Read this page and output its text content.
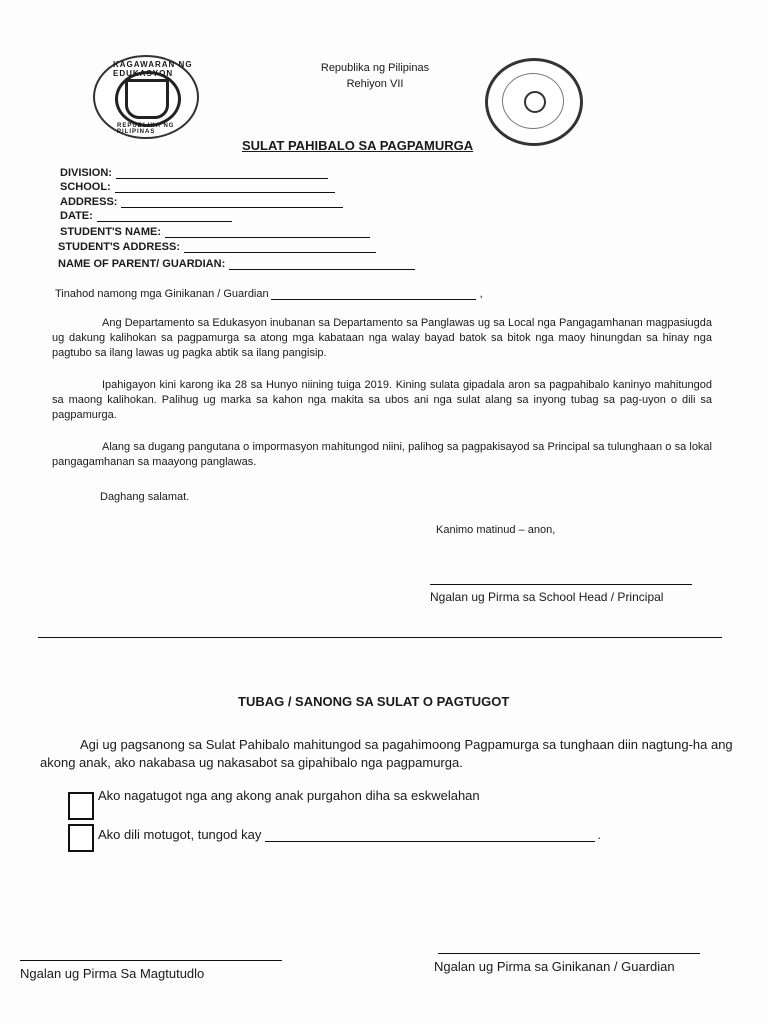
KAGAWARAN NG EDUKASYON
REPUBLIKA NG PILIPINAS
Republika ng Pilipinas
Rehiyon VII
SULAT PAHIBALO SA PAGPAMURGA
DIVISION:
SCHOOL:
ADDRESS:
DATE:
STUDENT'S NAME:
STUDENT'S ADDRESS:
NAME OF PARENT/ GUARDIAN:
Tinahod namong mga Ginikanan / Guardian	,
Ang Departamento sa Edukasyon inubanan sa Departamento sa Panglawas ug sa Local nga Pangagamhanan magpasiugda ug dakung kalihokan sa pagpamurga sa atong mga kabataan nga walay bayad batok sa bitok nga maoy hinungdan sa hinay nga pagtubo sa ilang lawas ug pagka abtik sa ilang pangisip.
Ipahigayon kini karong ika 28 sa Hunyo niining tuiga 2019. Kining sulata gipadala aron sa pagpahibalo kaninyo mahitungod sa maong kalihokan. Palihug ug marka sa kahon nga makita sa ubos ani nga sulat alang sa inyong tubag sa pag-uyon o dili sa pagpamurga.
Alang sa dugang pangutana o impormasyon mahitungod niini, palihog sa pagpakisayod sa Principal sa tulunghaan o sa lokal pangagamhanan sa maayong panglawas.
Daghang salamat.
Kanimo matinud – anon,
Ngalan ug Pirma sa School Head / Principal
TUBAG / SANONG SA SULAT O PAGTUGOT
Agi ug pagsanong sa Sulat Pahibalo mahitungod sa pagahimoong Pagpamurga sa tunghaan diin nagtung-ha ang akong anak, ako nakabasa ug nakasabot sa gipahibalo nga pagpamurga.
Ako nagatugot nga ang akong anak purgahon diha sa eskwelahan
Ako dili motugot, tungod kay	.
Ngalan ug Pirma Sa Magtutudlo	Ngalan ug Pirma sa Ginikanan / Guardian
